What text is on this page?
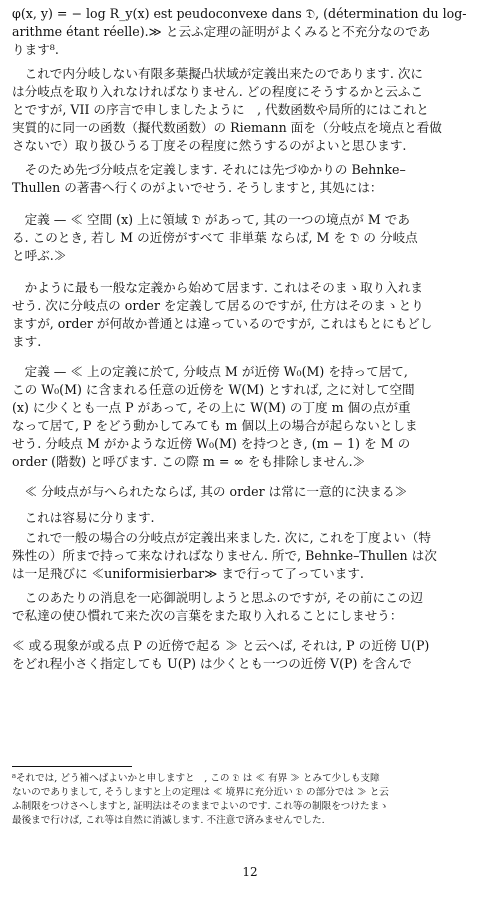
φ(x, y) = − log R_y(x) est peudoconvexe dans 𝔇, (détermination du log-
arithme étant réelle).≫ と云ふ定理の証明がよくみると不充分なのであ
ります⁸.
　これで内分岐しない有限多葉擬凸状域が定義出来たのであります. 次に
は分岐点を取り入れなければなりません. どの程度にそうするかと云ふこ
とですが, VII の序言で申しましたように　, 代数函数や局所的にはこれと
実質的に同一の函数（擬代数函数）の Riemann 面を（分岐点を境点と看做
さないで）取り扱ひうる丁度その程度に然うするのがよいと思ひます.
　そのため先づ分岐点を定義します. それには先づゆかりの Behnke–
Thullen の著書へ行くのがよいでせう. そうしますと, 其処には：
　定義 — ≪ 空間 (x) 上に領域 𝔇 があって, 其の一つの境点が M であ
る. このとき, 若し M の近傍がすべて 非単葉 ならば, M を 𝔇 の 分岐点
と呼ぶ.≫
　かように最も一般な定義から始めて居ます. これはそのまゝ取り入れま
せう. 次に分岐点の order を定義して居るのですが, 仕方はそのまゝとり
ますが, order が何故か普通とは違っているのですが, これはもとにもどし
ます.
　定義 — ≪ 上の定義に於て, 分岐点 M が近傍 W₀(M) を持って居て,
この W₀(M) に含まれる任意の近傍を W(M) とすれば, 之に対して空間
(x) に少くとも一点 P があって, その上に W(M) の丁度 m 個の点が重
なって居て, P をどう動かしてみても m 個以上の場合が起らないとしま
せう. 分岐点 M がかような近傍 W₀(M) を持つとき, (m − 1) を M の
order (階数) と呼びます. この際 m = ∞ をも排除しません.≫
　≪ 分岐点が与へられたならば, 其の order は常に一意的に決まる≫
　これは容易に分ります.
　これで一般の場合の分岐点が定義出来ました. 次に, これを丁度よい（特
殊性の）所まで持って来なければなりません. 所で, Behnke–Thullen は次
は一足飛びに ≪uniformisierbar≫ まで行って了っています.
　このあたりの消息を一応御説明しようと思ふのですが, その前にこの辺
で私達の使ひ慣れて来た次の言葉をまた取り入れることにしませう：
≪ 或る現象が或る点 P の近傍で起る ≫ と云へば, それは, P の近傍 U(P)
をどれ程小さく指定しても U(P) は少くとも一つの近傍 V(P) を含んで
⁸それでは, どう補へばよいかと申しますと　, この 𝔇 は ≪ 有界 ≫ とみて少しも支障
ないのでありまして, そうしますと上の定理は ≪ 境界に充分近い 𝔇 の部分では ≫ と云
ふ制限をつけさへしますと, 証明法はそのままでよいのです. これ等の制限をつけたまゝ
最後まで行けば, これ等は自然に消滅します. 不注意で済みませんでした.
12
